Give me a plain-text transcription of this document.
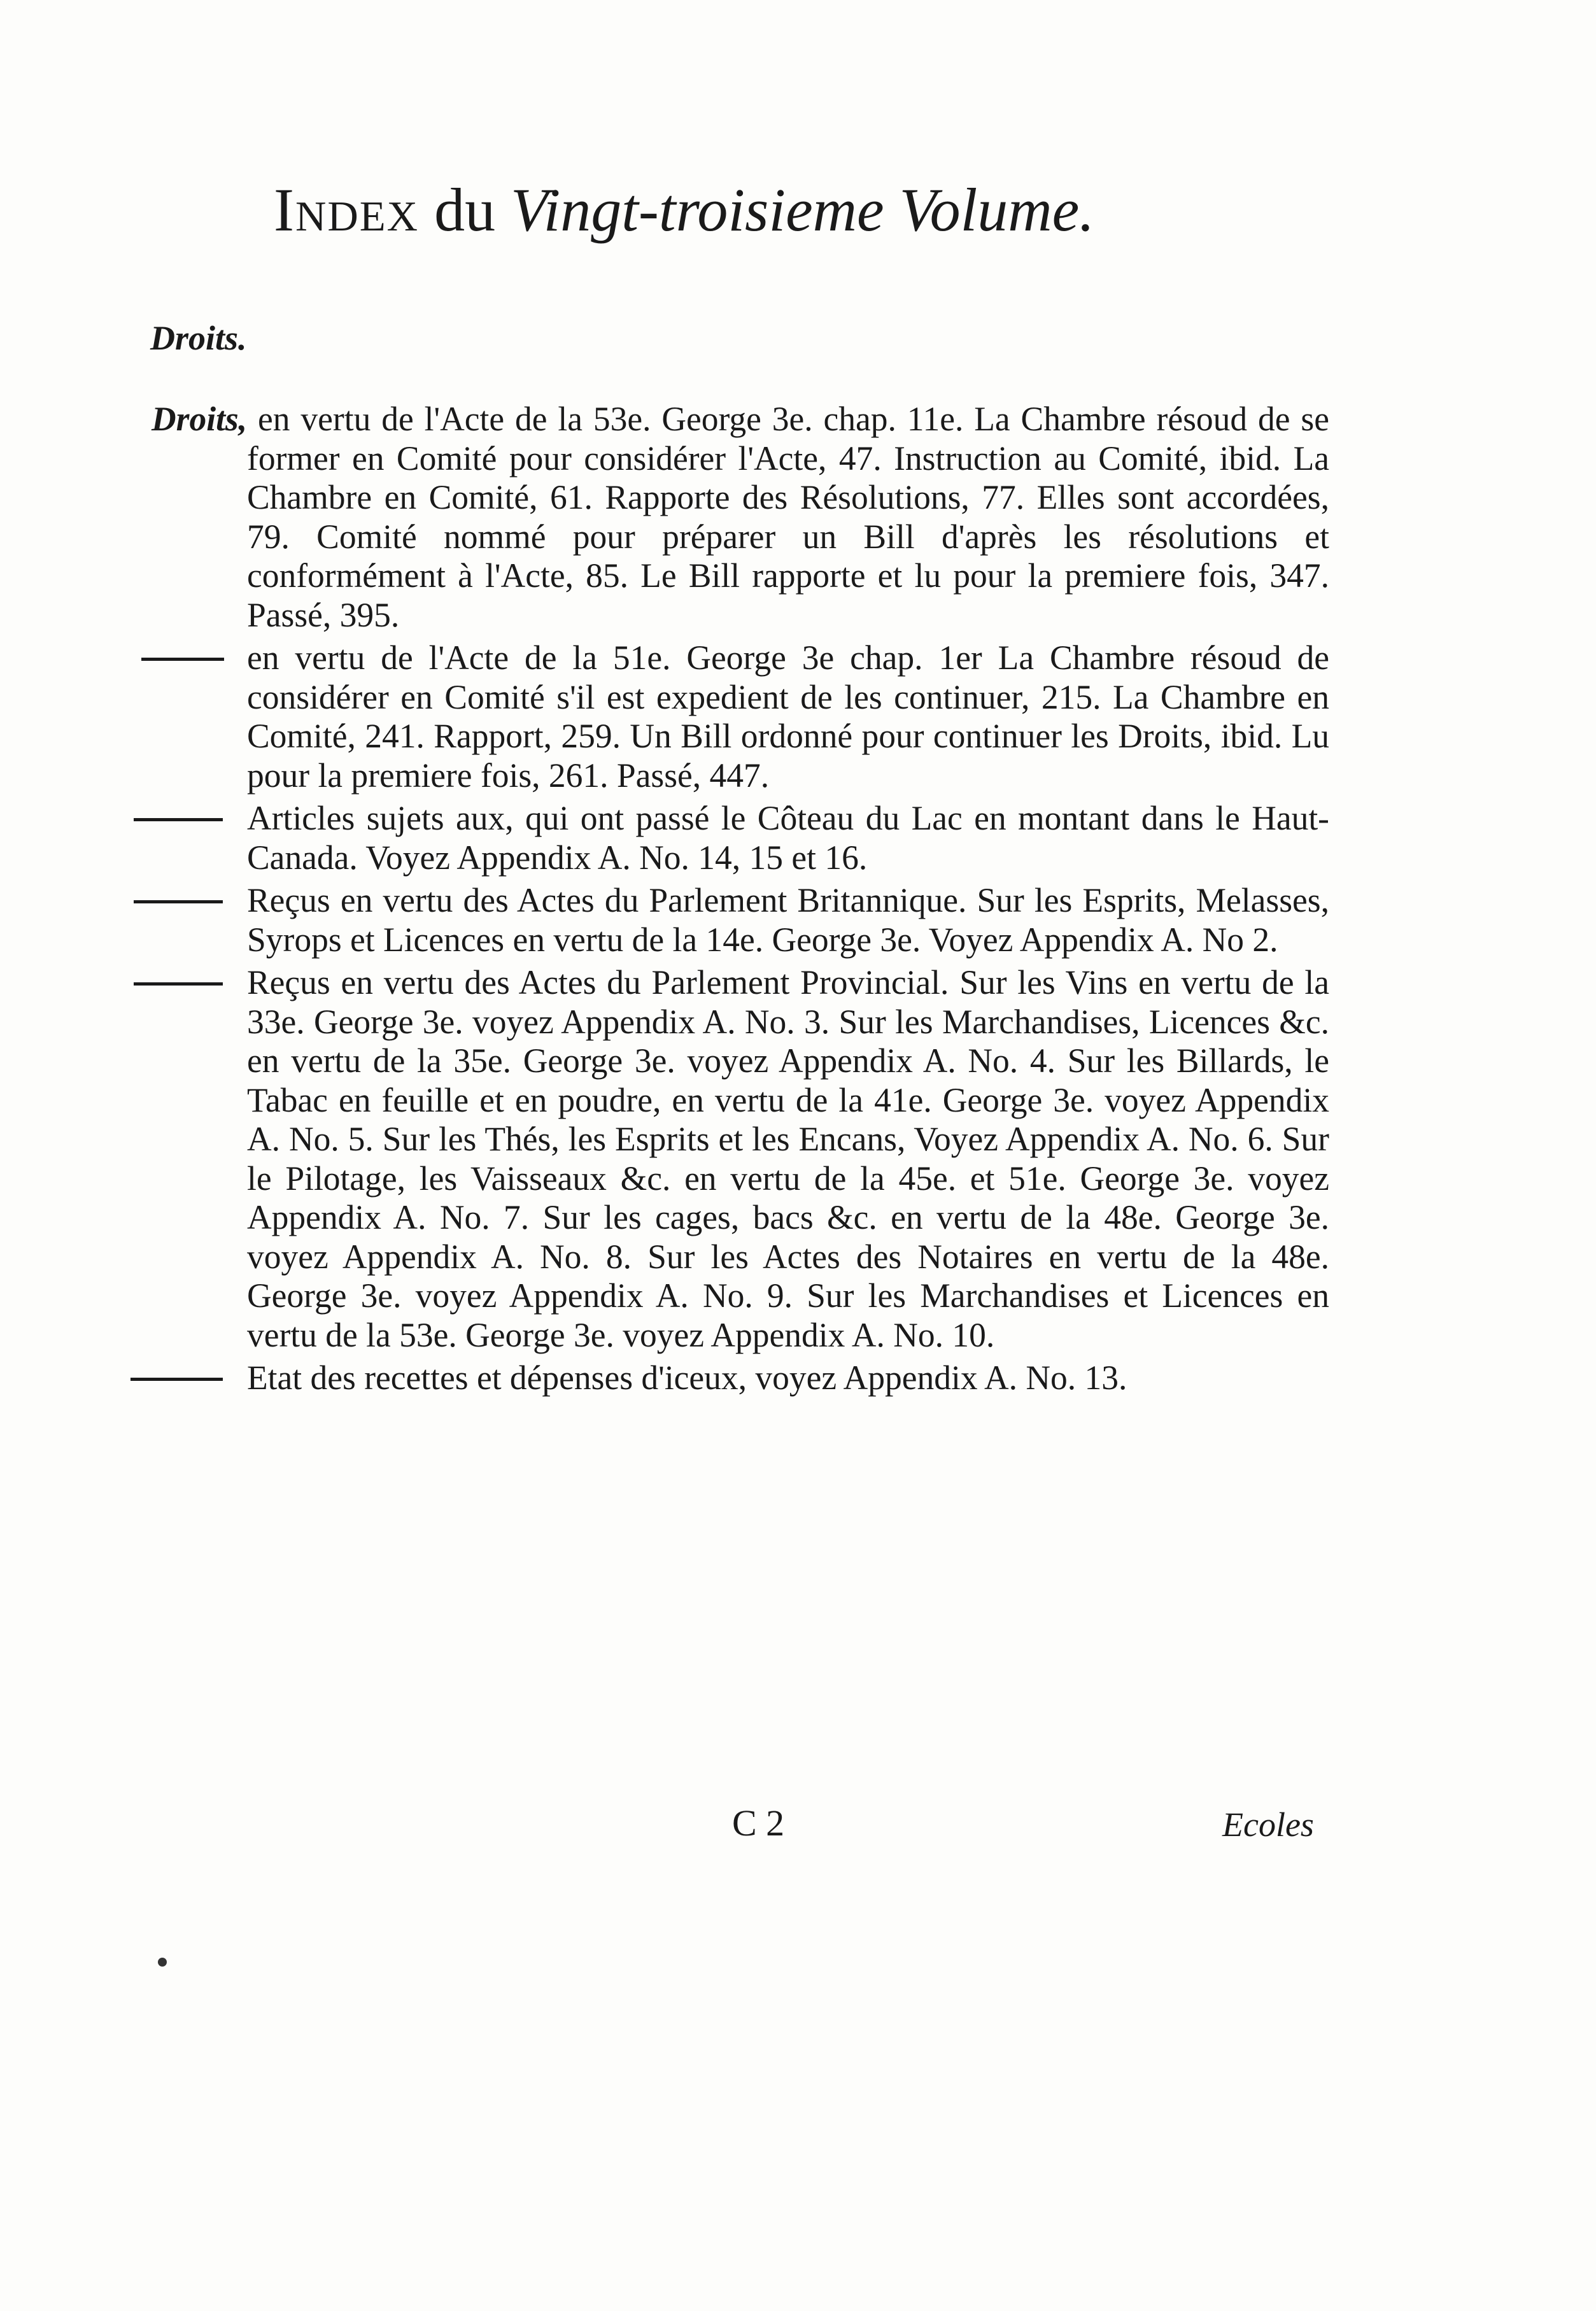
Index du Vingt-troisieme Volume.
Droits.
Droits, en vertu de l'Acte de la 53e. George 3e. chap. 11e. La Chambre résoud de se former en Comité pour considérer l'Acte, 47. Instruction au Comité, ibid. La Chambre en Comité, 61. Rapporte des Résolutions, 77. Elles sont accordées, 79. Comité nommé pour préparer un Bill d'après les résolutions et conformément à l'Acte, 85. Le Bill rapporte et lu pour la premiere fois, 347. Passé, 395.
en vertu de l'Acte de la 51e. George 3e chap. 1er La Chambre résoud de considérer en Comité s'il est expedient de les continuer, 215. La Chambre en Comité, 241. Rapport, 259. Un Bill ordonné pour continuer les Droits, ibid. Lu pour la premiere fois, 261. Passé, 447.
Articles sujets aux, qui ont passé le Côteau du Lac en montant dans le Haut-Canada. Voyez Appendix A. No. 14, 15 et 16.
Reçus en vertu des Actes du Parlement Britannique. Sur les Esprits, Melasses, Syrops et Licences en vertu de la 14e. George 3e. Voyez Appendix A. No 2.
Reçus en vertu des Actes du Parlement Provincial. Sur les Vins en vertu de la 33e. George 3e. voyez Appendix A. No. 3. Sur les Marchandises, Licences &c. en vertu de la 35e. George 3e. voyez Appendix A. No. 4. Sur les Billards, le Tabac en feuille et en poudre, en vertu de la 41e. George 3e. voyez Appendix A. No. 5. Sur les Thés, les Esprits et les Encans, Voyez Appendix A. No. 6. Sur le Pilotage, les Vaisseaux &c. en vertu de la 45e. et 51e. George 3e. voyez Appendix A. No. 7. Sur les cages, bacs &c. en vertu de la 48e. George 3e. voyez Appendix A. No. 8. Sur les Actes des Notaires en vertu de la 48e. George 3e. voyez Appendix A. No. 9. Sur les Marchandises et Licences en vertu de la 53e. George 3e. voyez Appendix A. No. 10.
Etat des recettes et dépenses d'iceux, voyez Appendix A. No. 13.
C 2	Ecoles
